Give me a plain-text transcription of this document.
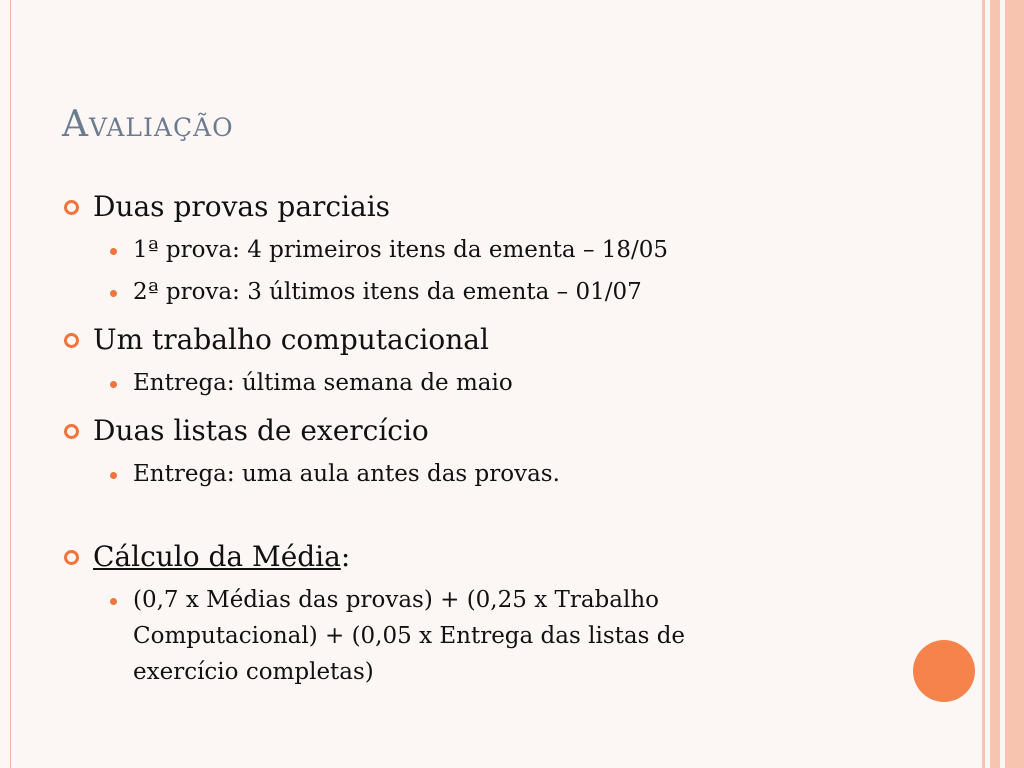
Avaliação
Duas provas parciais
1ª prova: 4 primeiros itens da ementa – 18/05
2ª prova: 3 últimos itens da ementa – 01/07
Um trabalho computacional
Entrega: última semana de maio
Duas listas de exercício
Entrega: uma aula antes das provas.
Cálculo da Média:
(0,7 x Médias das provas) + (0,25 x Trabalho Computacional) + (0,05 x Entrega das listas de exercício completas)
